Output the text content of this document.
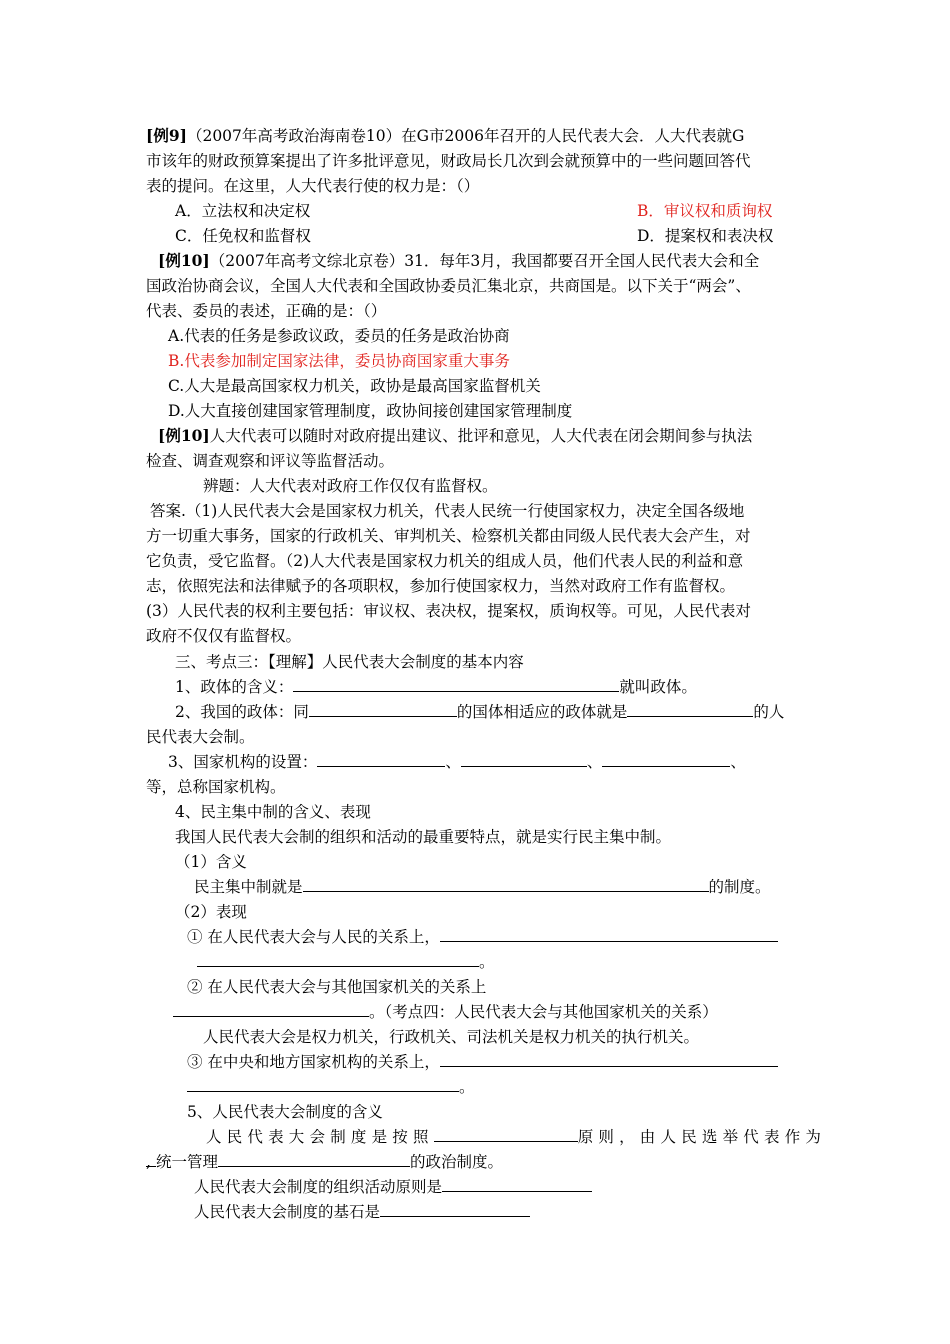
[例9]（2007年高考政治海南卷10）在G市2006年召开的人民代表大会．人大代表就G
市该年的财政预算案提出了许多批评意见，财政局长几次到会就预算中的一些问题回答代
表的提问。在这里，人大代表行使的权力是：（）
A．立法权和决定权	B．审议权和质询权
C．任免权和监督权	D．提案权和表决权
[例10]（2007年高考文综北京卷）31．每年3月，我国都要召开全国人民代表大会和全
国政治协商会议，全国人大代表和全国政协委员汇集北京，共商国是。以下关于“两会”、
代表、委员的表述，正确的是：（）
A.代表的任务是参政议政，委员的任务是政治协商
B.代表参加制定国家法律，委员协商国家重大事务
C.人大是最高国家权力机关，政协是最高国家监督机关
D.人大直接创建国家管理制度，政协间接创建国家管理制度
[例10]人大代表可以随时对政府提出建议、批评和意见，人大代表在闭会期间参与执法
检查、调查观察和评议等监督活动。
辨题：人大代表对政府工作仅仅有监督权。
答案.（1)人民代表大会是国家权力机关，代表人民统一行使国家权力，决定全国各级地
方一切重大事务，国家的行政机关、审判机关、检察机关都由同级人民代表大会产生，对
它负责，受它监督。（2)人大代表是国家权力机关的组成人员，他们代表人民的利益和意
志，依照宪法和法律赋予的各项职权，参加行使国家权力，当然对政府工作有监督权。
(3）人民代表的权利主要包括：审议权、表决权，提案权，质询权等。可见，人民代表对
政府不仅仅有监督权。
三、考点三：【理解】人民代表大会制度的基本内容
1、政体的含义：	就叫政体。
2、我国的政体：同	的国体相适应的政体就是	的人
民代表大会制。
3、国家机构的设置：	、	、	、
等，总称国家机构。
4、民主集中制的含义、表现
我国人民代表大会制的组织和活动的最重要特点，就是实行民主集中制。
（1）含义
民主集中制就是	的制度。
（2）表现
① 在人民代表大会与人民的关系上，
。
② 在人民代表大会与其他国家机关的关系上
。（考点四：人民代表大会与其他国家机关的关系）
人民代表大会是权力机关，行政机关、司法机关是权力机关的执行机关。
③ 在中央和地方国家机构的关系上，
。
5、人民代表大会制度的含义
人民代表大会制度是按照	原则，由人民选举代表作为
, 统一管理	的政治制度。
人民代表大会制度的组织活动原则是
人民代表大会制度的基石是
